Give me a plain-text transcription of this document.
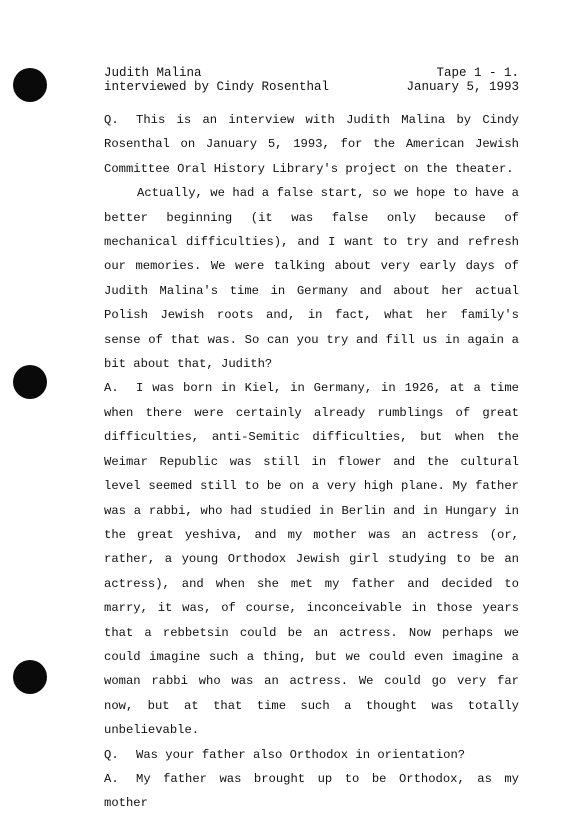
Judith Malina
interviewed by Cindy Rosenthal
Tape 1 - 1.
January 5, 1993

Q. This is an interview with Judith Malina by Cindy Rosenthal on January 5, 1993, for the American Jewish Committee Oral History Library's project on the theater.

Actually, we had a false start, so we hope to have a better beginning (it was false only because of mechanical difficulties), and I want to try and refresh our memories. We were talking about very early days of Judith Malina's time in Germany and about her actual Polish Jewish roots and, in fact, what her family's sense of that was. So can you try and fill us in again a bit about that, Judith?

A. I was born in Kiel, in Germany, in 1926, at a time when there were certainly already rumblings of great difficulties, anti-Semitic difficulties, but when the Weimar Republic was still in flower and the cultural level seemed still to be on a very high plane. My father was a rabbi, who had studied in Berlin and in Hungary in the great yeshiva, and my mother was an actress (or, rather, a young Orthodox Jewish girl studying to be an actress), and when she met my father and decided to marry, it was, of course, inconceivable in those years that a rebbetsin could be an actress. Now perhaps we could imagine such a thing, but we could even imagine a woman rabbi who was an actress. We could go very far now, but at that time such a thought was totally unbelievable.

Q. Was your father also Orthodox in orientation?

A. My father was brought up to be Orthodox, as my mother
